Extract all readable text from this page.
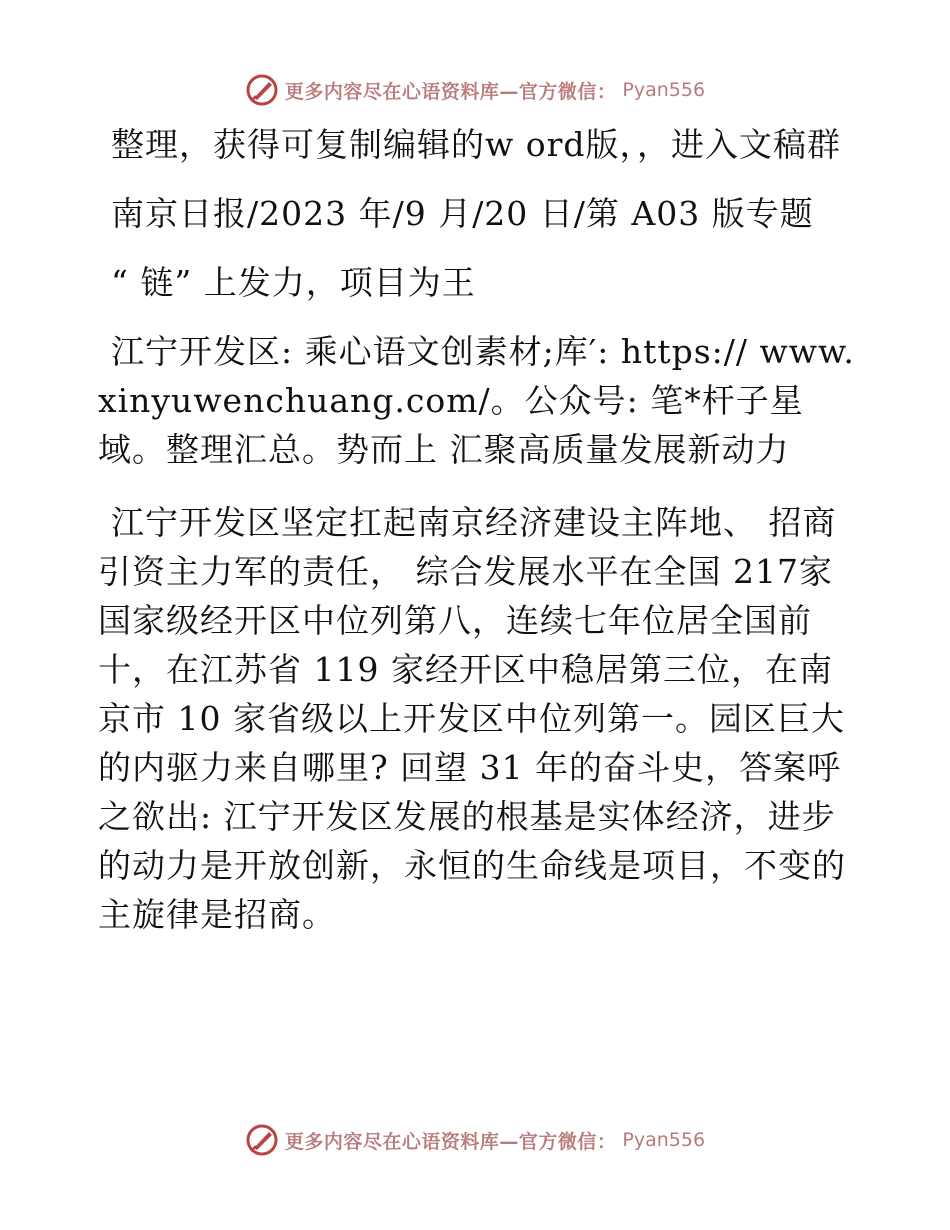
更多内容尽在心语资料库—官方微信： Pyan556

整理，获得可复制编辑的w ord版，，进入文稿群

南京日报/2023 年/9 月/20 日/第 A03 版专题

“ 链” 上发力，项目为王

江宁开发区: 乘心语文创素材;库′: https:// www.xinyuwenchuang.com/。公众号: 笔*杆子星域。整理汇总。势而上 汇聚高质量发展新动力

江宁开发区坚定扛起南京经济建设主阵地、 招商引资主力军的责任， 综合发展水平在全国 217家国家级经开区中位列第八，连续七年位居全国前十，在江苏省 119 家经开区中稳居第三位，在南京市 10 家省级以上开发区中位列第一。园区巨大的内驱力来自哪里? 回望 31 年的奋斗史，答案呼之欲出: 江宁开发区发展的根基是实体经济，进步的动力是开放创新，永恒的生命线是项目，不变的主旋律是招商。

更多内容尽在心语资料库—官方微信： Pyan556
